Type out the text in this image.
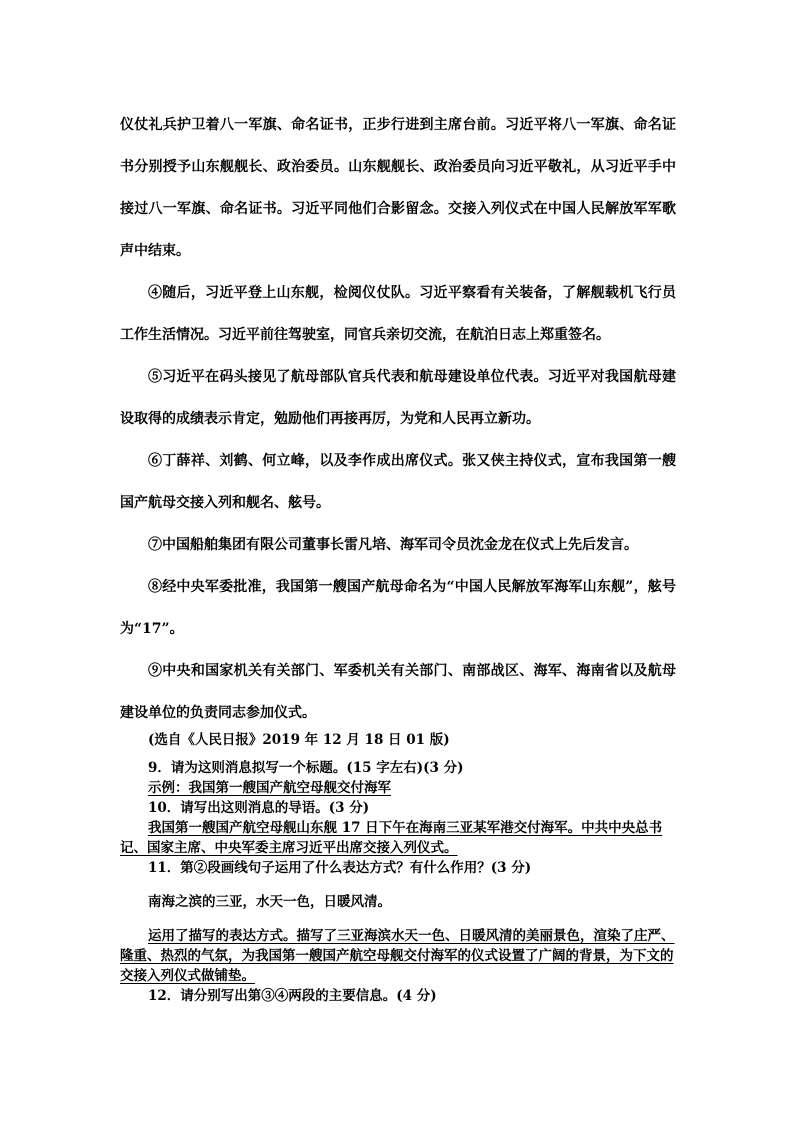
仪仗礼兵护卫着八一军旗、命名证书，正步行进到主席台前。习近平将八一军旗、命名证书分别授予山东舰舰长、政治委员。山东舰舰长、政治委员向习近平敬礼，从习近平手中接过八一军旗、命名证书。习近平同他们合影留念。交接入列仪式在中国人民解放军军歌声中结束。

④随后，习近平登上山东舰，检阅仪仗队。习近平察看有关装备，了解舰载机飞行员工作生活情况。习近平前往驾驶室，同官兵亲切交流，在航泊日志上郑重签名。

⑤习近平在码头接见了航母部队官兵代表和航母建设单位代表。习近平对我国航母建设取得的成绩表示肯定，勉励他们再接再厉，为党和人民再立新功。

⑥丁薛祥、刘鹤、何立峰，以及李作成出席仪式。张又侠主持仪式，宣布我国第一艘国产航母交接入列和舰名、舷号。

⑦中国船舶集团有限公司董事长雷凡培、海军司令员沈金龙在仪式上先后发言。

⑧经中央军委批准，我国第一艘国产航母命名为“中国人民解放军海军山东舰”，舷号为“17”。

⑨中央和国家机关有关部门、军委机关有关部门、南部战区、海军、海南省以及航母建设单位的负责同志参加仪式。

(选自《人民日报》2019 年 12 月 18 日 01 版)

9．请为这则消息拟写一个标题。(15 字左右)(3 分)

示例：我国第一艘国产航空母舰交付海军

10．请写出这则消息的导语。(3 分)

我国第一艘国产航空母舰山东舰 17 日下午在海南三亚某军港交付海军。中共中央总书记、国家主席、中央军委主席习近平出席交接入列仪式。

11．第②段画线句子运用了什么表达方式？有什么作用？(3 分)

南海之滨的三亚，水天一色，日暖风清。

运用了描写的表达方式。描写了三亚海滨水天一色、日暖风清的美丽景色，渲染了庄严、隆重、热烈的气氛，为我国第一艘国产航空母舰交付海军的仪式设置了广阔的背景，为下文的交接入列仪式做铺垫。

12．请分别写出第③④两段的主要信息。(4 分)
